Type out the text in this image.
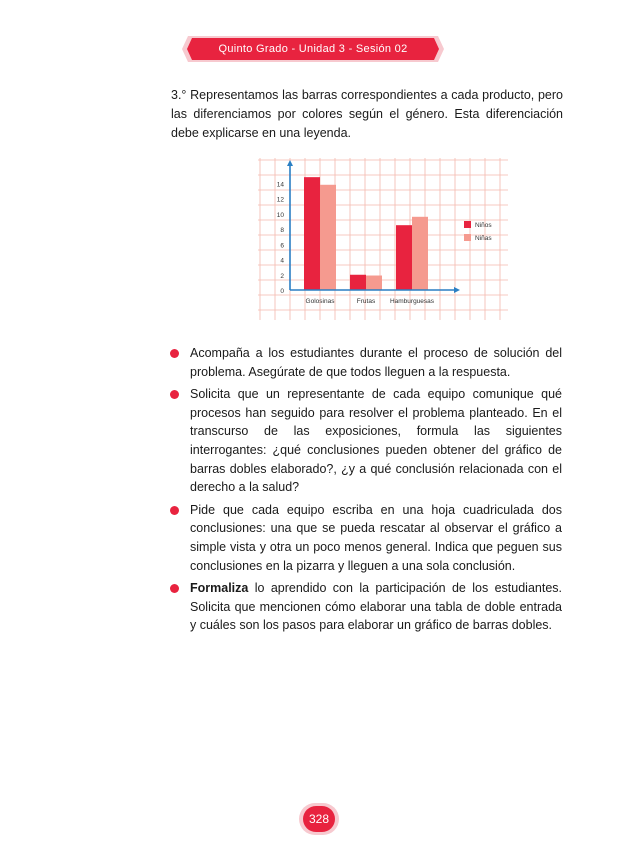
Quinto Grado - Unidad 3 - Sesión 02
3.° Representamos las barras correspondientes a cada producto, pero las diferenciamos por colores según el género. Esta diferenciación debe explicarse en una leyenda.
0
2
4
6
8
10
12
14
Golosinas	Frutas Hamburguesas
Niños
Niñas
Acompaña a los estudiantes durante el proceso de solución del problema. Asegúrate de que todos lleguen a la respuesta.
Solicita que un representante de cada equipo comunique qué procesos han seguido para resolver el problema planteado. En el transcurso de las exposiciones, formula las siguientes interrogantes: ¿qué conclusiones pueden obtener del gráfico de barras dobles elaborado?, ¿y a qué conclusión relacionada con el derecho a la salud?
Pide que cada equipo escriba en una hoja cuadriculada dos conclusiones: una que se pueda rescatar al observar el gráfico a simple vista y otra un poco menos general. Indica que peguen sus conclusiones en la pizarra y lleguen a una sola conclusión.
Formaliza lo aprendido con la participación de los estudiantes. Solicita que mencionen cómo elaborar una tabla de doble entrada y cuáles son los pasos para elaborar un gráfico de barras dobles.
328
